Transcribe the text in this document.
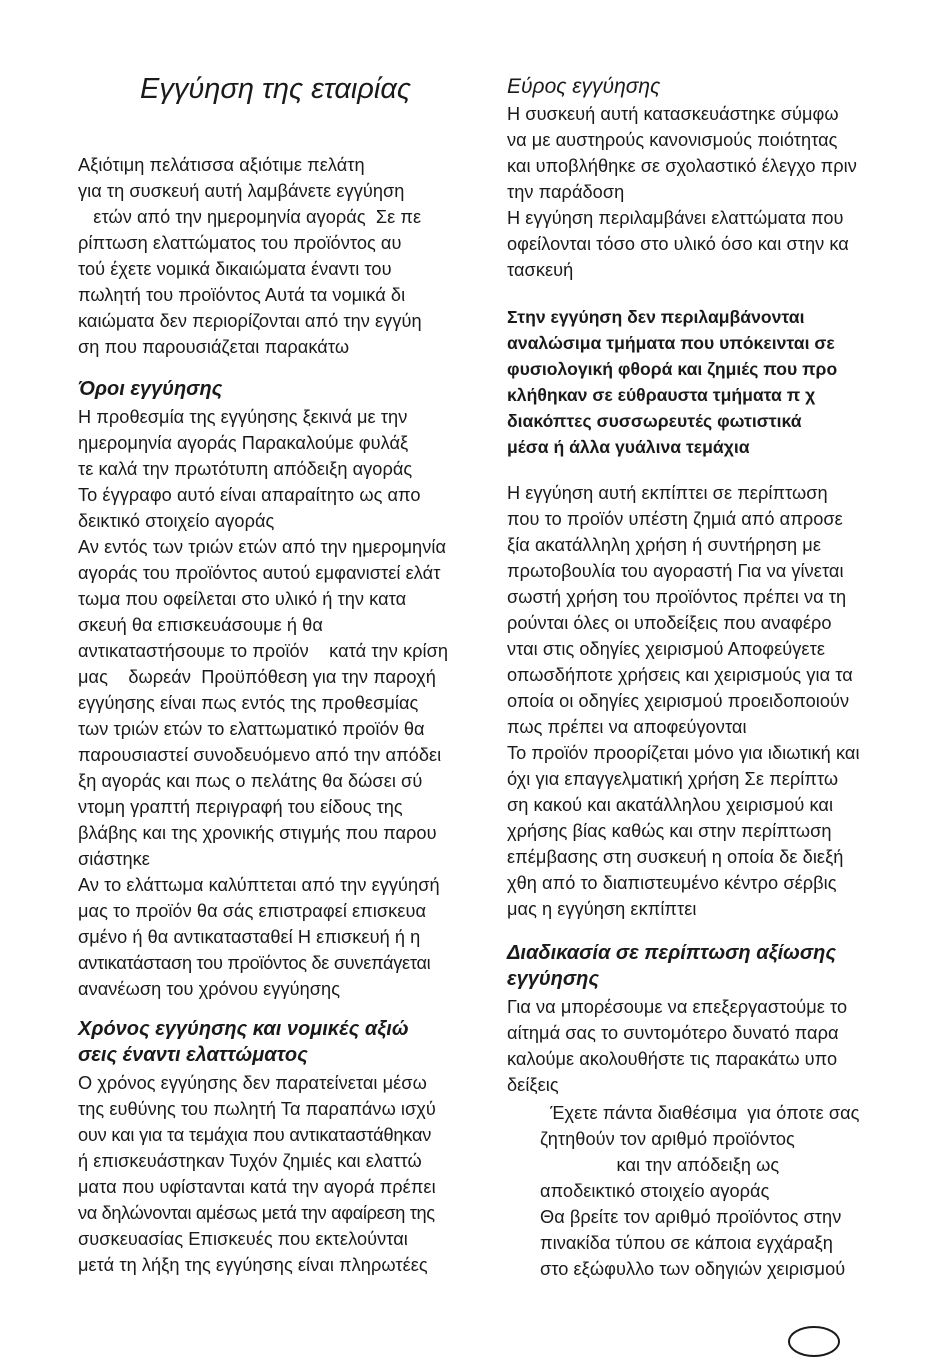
Εγγύηση της εταιρίας
Αξιότιμη πελάτισσα αξιότιμε πελάτη
για τη συσκευή αυτή λαμβάνετε εγγύηση
ετών από την ημερομηνία αγοράς  Σε πε
ρίπτωση ελαττώματος του προϊόντος αυ
τού έχετε νομικά δικαιώματα έναντι του
πωλητή του προϊόντος Αυτά τα νομικά δι
καιώματα δεν περιορίζονται από την εγγύη
ση που παρουσιάζεται παρακάτω
Όροι εγγύησης
Η προθεσμία της εγγύησης ξεκινά με την
ημερομηνία αγοράς Παρακαλούμε φυλάξ
τε καλά την πρωτότυπη απόδειξη αγοράς
Το έγγραφο αυτό είναι απαραίτητο ως απο
δεικτικό στοιχείο αγοράς
Αν εντός των τριών ετών από την ημερομηνία
αγοράς του προϊόντος αυτού εμφανιστεί ελάτ
τωμα που οφείλεται στο υλικό ή την κατα
σκευή θα επισκευάσουμε ή θα
αντικαταστήσουμε το προϊόν    κατά την κρίση
μας    δωρεάν  Προϋπόθεση για την παροχή
εγγύησης είναι πως εντός της προθεσμίας
των τριών ετών το ελαττωματικό προϊόν θα
παρουσιαστεί συνοδευόμενο από την απόδει
ξη αγοράς και πως ο πελάτης θα δώσει σύ
ντομη γραπτή περιγραφή του είδους της
βλάβης και της χρονικής στιγμής που παρου
σιάστηκε
Αν το ελάττωμα καλύπτεται από την εγγύησή
μας το προϊόν θα σάς επιστραφεί επισκευα
σμένο ή θα αντικατασταθεί Η επισκευή ή η
αντικατάσταση του προϊόντος δε συνεπάγεται
ανανέωση του χρόνου εγγύησης
Χρόνος εγγύησης και νομικές αξιώ
σεις έναντι ελαττώματος
Ο χρόνος εγγύησης δεν παρατείνεται μέσω
της ευθύνης του πωλητή Τα παραπάνω ισχύ
ουν και για τα τεμάχια που αντικαταστάθηκαν
ή επισκευάστηκαν Τυχόν ζημιές και ελαττώ
ματα που υφίστανται κατά την αγορά πρέπει
να δηλώνονται αμέσως μετά την αφαίρεση της
συσκευασίας Επισκευές που εκτελούνται
μετά τη λήξη της εγγύησης είναι πληρωτέες
Εύρος εγγύησης
Η συσκευή αυτή κατασκευάστηκε σύμφω
να με αυστηρούς κανονισμούς ποιότητας
και υποβλήθηκε σε σχολαστικό έλεγχο πριν
την παράδοση
Η εγγύηση περιλαμβάνει ελαττώματα που
οφείλονται τόσο στο υλικό όσο και στην κα
τασκευή
Στην εγγύηση δεν περιλαμβάνονται
αναλώσιμα τμήματα που υπόκεινται σε
φυσιολογική φθορά και ζημιές που προ
κλήθηκαν σε εύθραυστα τμήματα π χ
διακόπτες συσσωρευτές φωτιστικά
μέσα ή άλλα γυάλινα τεμάχια
Η εγγύηση αυτή εκπίπτει σε περίπτωση
που το προϊόν υπέστη ζημιά από απροσε
ξία ακατάλληλη χρήση ή συντήρηση με
πρωτοβουλία του αγοραστή Για να γίνεται
σωστή χρήση του προϊόντος πρέπει να τη
ρούνται όλες οι υποδείξεις που αναφέρο
νται στις οδηγίες χειρισμού Αποφεύγετε
οπωσδήποτε χρήσεις και χειρισμούς για τα
οποία οι οδηγίες χειρισμού προειδοποιούν
πως πρέπει να αποφεύγονται
Το προϊόν προορίζεται μόνο για ιδιωτική και
όχι για επαγγελματική χρήση Σε περίπτω
ση κακού και ακατάλληλου χειρισμού και
χρήσης βίας καθώς και στην περίπτωση
επέμβασης στη συσκευή η οποία δε διεξή
χθη από το διαπιστευμένο κέντρο σέρβις
μας η εγγύηση εκπίπτει
Διαδικασία σε περίπτωση αξίωσης
εγγύησης
Για να μπορέσουμε να επεξεργαστούμε το
αίτημά σας το συντομότερο δυνατό παρα
καλούμε ακολουθήστε τις παρακάτω υπο
δείξεις
Έχετε πάντα διαθέσιμα  για όποτε σας
ζητηθούν τον αριθμό προϊόντος
και την απόδειξη ως
αποδεικτικό στοιχείο αγοράς
Θα βρείτε τον αριθμό προϊόντος στην
πινακίδα τύπου σε κάποια εγχάραξη
στο εξώφυλλο των οδηγιών χειρισμού
